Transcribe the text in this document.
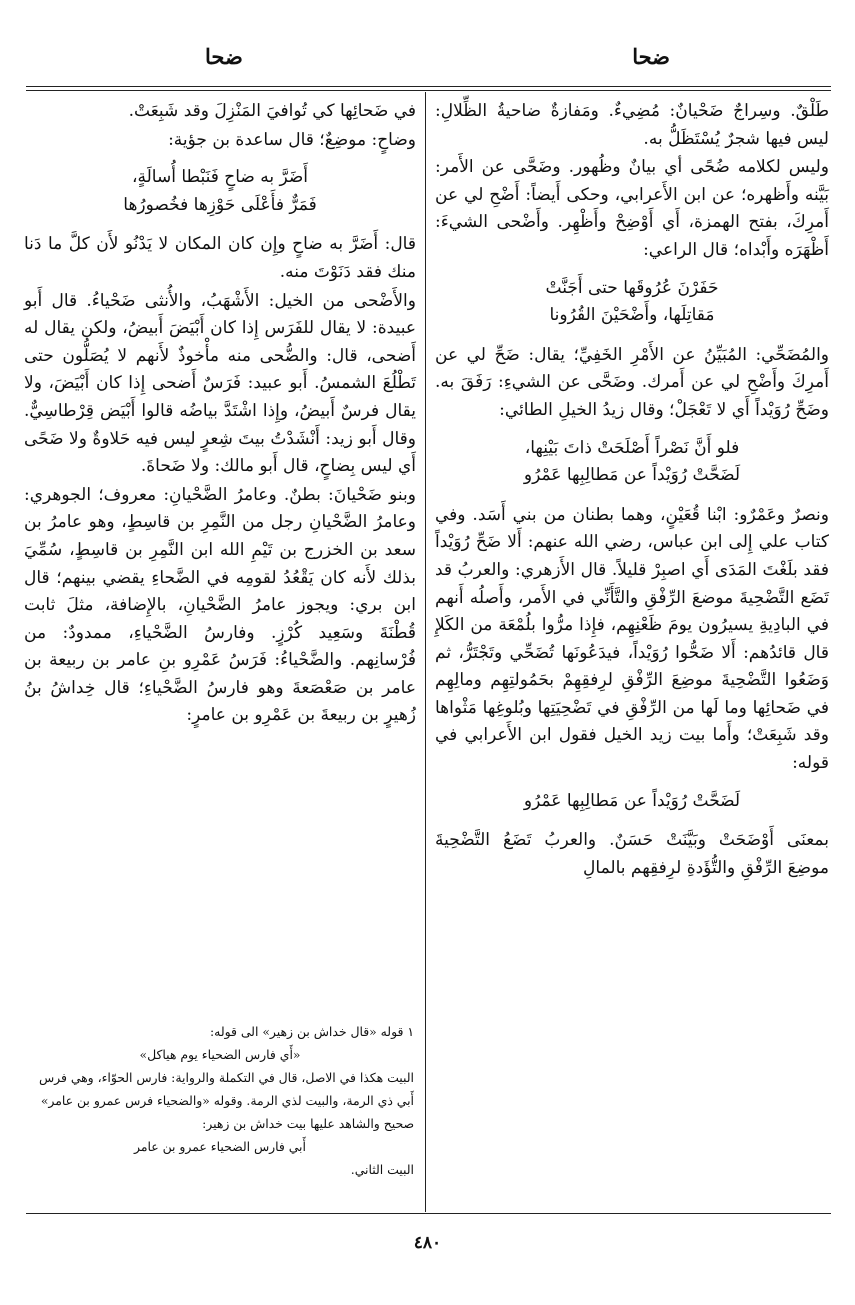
ضحا
ضحا

طَلْقٌ. وسِراجٌ ضَحْيانٌ: مُضِيءٌ. ومَفازةٌ ضاحيةُ الظِّلالِ: ليس فيها شجرٌ يُسْتَظَلُّ به.

وليس لكلامه ضُحًى أي بيانٌ وظُهور. وضَحَّى عن الأَمر: بَيَّنه وأَظهره؛ عن ابن الأَعرابي، وحكى أَيضاً: أَضْحِ لي عن أَمرِكَ، بفتح الهمزة، أَي أَوْضِحْ وأَظْهِر. وأَضْحى الشيءَ: أَظْهَرَه وأَبْداه؛ قال الراعي:

حَفَرْنَ عُرُوقَها حتى أَجَنَّتْ
مَقاتِلَها، وأَضْحَيْنَ القُرُونا

والمُضَحِّي: المُبَيِّنُ عن الأَمْرِ الخَفِيِّ؛ يقال: ضَحِّ لي عن أَمرِكَ وأَضْحِ لي عن أَمرك. وضَحَّى عن الشيءِ: رَفَقَ به. وضَحِّ رُوَيْداً أَي لا تَعْجَلْ؛ وقال زيدُ الخيلِ الطائي:

فلو أَنَّ نَصْراً أَصْلَحَتْ ذاتَ بَيْنِها،
لَضَحَّتْ رُوَيْداً عن مَطالِبِها عَمْرُو

ونصرٌ وعَمْرٌو: ابْنا قُعَيْنٍ، وهما بطنان من بني أَسَد. وفي كتاب علي إِلى ابن عباس، رضي الله عنهم: أَلا ضَحِّ رُوَيْداً فقد بلَغْتَ المَدَى أَي اصبِرْ قليلاً. قال الأَزهري: والعربُ قد تَضَع التَّضْحِيةَ موضعَ الرِّفْقِ والتَّأَنِّي في الأَمر، وأَصلُه أَنهم في البادِيةِ يسيرُون يومَ ظَعْنِهِم، فإِذا مرُّوا بلُمْعَة من الكَلإِ قال قائدُهم: أَلا ضَحُّوا رُوَيْداً، فيدَعُونَها تُضَحِّي وتَجْتَرُّ، ثم وَضَعُوا التَّضْحِيةَ موضِعَ الرِّفْقِ لرِفقِهِمْ بحَمُولتِهِم ومالِهِم في ضَحائِها وما لَها من الرِّفْقِ في تَضْحِيَتِها وبُلوغِها مَثْواها وقد شَبِعَتْ؛ وأَما بيت زيد الخيل فقول ابن الأَعرابي في قوله:

لَضَحَّتْ رُوَيْداً عن مَطالِبِها عَمْرُو

بمعنَى أَوْضَحَتْ وبَيَّنَتْ حَسَنٌ. والعربُ تَضَعُ التَّضْحِيةَ موضِعَ الرِّفْقِ والتُّؤَدةِ لرِفقِهم بالمالِ

في ضَحائِها كي تُوافيَ المَنْزِلَ وقد شَبِعَتْ.

وضاحٍ: موضِعٌ؛ قال ساعدة بن جؤية:

أَضَرَّ به ضاحٍ فَنَبْطا أُسالَةٍ،
فَمَرٌّ فأَعْلَى حَوْزِها فخُصورُها

قال: أَضَرَّ به ضاحٍ وإِن كان المكان لا يَدْنُو لأَن كلَّ ما دَنا منك فقد دَنَوْتَ منه.

والأَضْحى من الخيل: الأَشْهَبُ، والأُنثى ضَحْياءُ. قال أَبو عبيدة: لا يقال للفَرَس إِذا كان أَبْيَضَ أَبيضُ، ولكن يقال له أَضحى، قال: والضُّحى منه مأْخوذٌ لأَنهم لا يُصَلُّون حتى تَطْلُعَ الشمسُ. أَبو عبيد: فَرَسٌ أَضحى إِذا كان أَبْيَضَ، ولا يقال فرسٌ أَبيضُ، وإِذا اشْتَدَّ بياضُه قالوا أَبْيَض قِرْطاسِيٌّ. وقال أَبو زيد: أَنْشَدْتُ بيتَ شِعرٍ ليس فيه حَلاوةٌ ولا ضَحًى أَي ليس بِضاحٍ، قال أَبو مالك: ولا ضَحاةَ.

وبنو ضَحْيانَ: بطنٌ. وعامرُ الضَّحْيانِ: معروف؛ الجوهري: وعامرُ الضَّحْيانِ رجل من النَّمِرِ بن قاسِطٍ، وهو عامرُ بن سعد بن الخزرج بن تَيْمِ الله ابن النَّمِرِ بن قاسِطٍ، سُمِّيَ بذلك لأَنه كان يَقْعُدُ لقومِه في الضَّحاءِ يقضي بينهم؛ قال ابن بري: ويجوز عامرُ الضَّحْيانِ، بالإِضافة، مثلَ ثابت قُطْنَةَ وسَعِيد كُرْزٍ. وفارسُ الضَّحْياءِ، ممدودٌ: من فُرْسانِهم. والضَّحْياءُ: فَرَسُ عَمْرِو بنِ عامر بن ربيعة بن عامر بن صَعْصَعةَ وهو فارسُ الضَّحْياءِ؛ قال خِداشُ بنُ زُهيرٍ بن ربيعةَ بن عَمْرِو بن عامرٍ:

١ قوله «قال خداش بن زهير» الى قوله:

«أَي فارس الضحياء يوم هياكل»

البيت هكذا في الاصل، قال في التكملة والرواية: فارس الحوّاء، وهي فرس أَبي ذي الرمة، والبيت لذي الرمة. وقوله «والضحياء فرس عمرو بن عامر» صحيح والشاهد عليها بيت خداش بن زهير:

أَبي فارس الضحياء عمرو بن عامر

البيت الثاني.

٤٨٠
